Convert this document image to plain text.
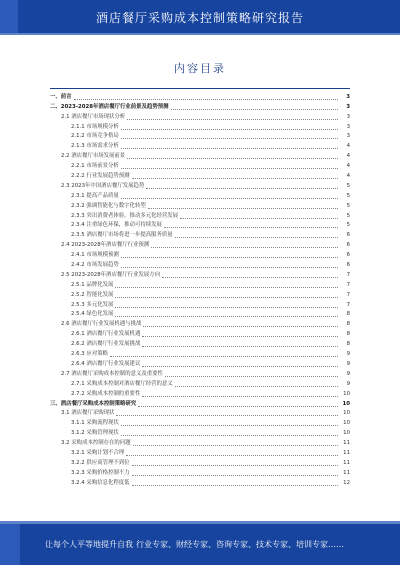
酒店餐厅采购成本控制策略研究报告
内容目录
一、前言	3
二、2023-2028年酒店餐厅行业前景及趋势预测	3
2.1 酒店餐厅市场现状分析	3
2.1.1 市场规模分析	3
2.1.2 市场竞争格局	3
2.1.3 市场需求分析	4
2.2 酒店餐厅市场发展前景	4
2.2.1 市场前景分析	4
2.2.2 行业发展趋势预测	4
2.3 2023年中国酒店餐厅发展趋势	5
2.3.1 提高产品质量	5
2.3.2 强调智能化与数字化转型	5
2.3.3 突出消费者体验，推动多元化经营发展	5
2.3.4 注重绿色环保，推动可持续发展	5
2.3.5 酒店餐厅市场将进一步提高服务质量	6
2.4 2023-2028年酒店餐厅行业预测	6
2.4.1 市场规模预测	6
2.4.2 市场发展趋势	6
2.5 2023-2028年酒店餐厅行业发展方向	7
2.5.1 品牌化发展	7
2.5.2 智能化发展	7
2.5.3 多元化发展	7
2.5.4 绿色化发展	8
2.6 酒店餐厅行业发展机遇与挑战	8
2.6.1 酒店餐厅行业发展机遇	8
2.6.2 酒店餐厅行业发展挑战	8
2.6.3 应对策略	9
2.6.4 酒店餐厅行业发展建议	9
2.7 酒店餐厅采购成本控制的意义及重要性	9
2.7.1 采购成本控制对酒店餐厅经营的意义	9
2.7.2 采购成本控制的重要性	10
三、酒店餐厅采购成本控制策略研究	10
3.1 酒店餐厅采购现状	10
3.1.1 采购流程现状	10
3.1.2 采购管理现状	10
3.2 采购成本控制存在的问题	11
3.2.1 采购计划不合理	11
3.2.2 供应商管理不到位	11
3.2.3 采购价格控制不力	11
3.2.4 采购信息化程度低	12
让每个人平等地提升自我 行业专家、财经专家、咨询专家、技术专家、培训专家……
